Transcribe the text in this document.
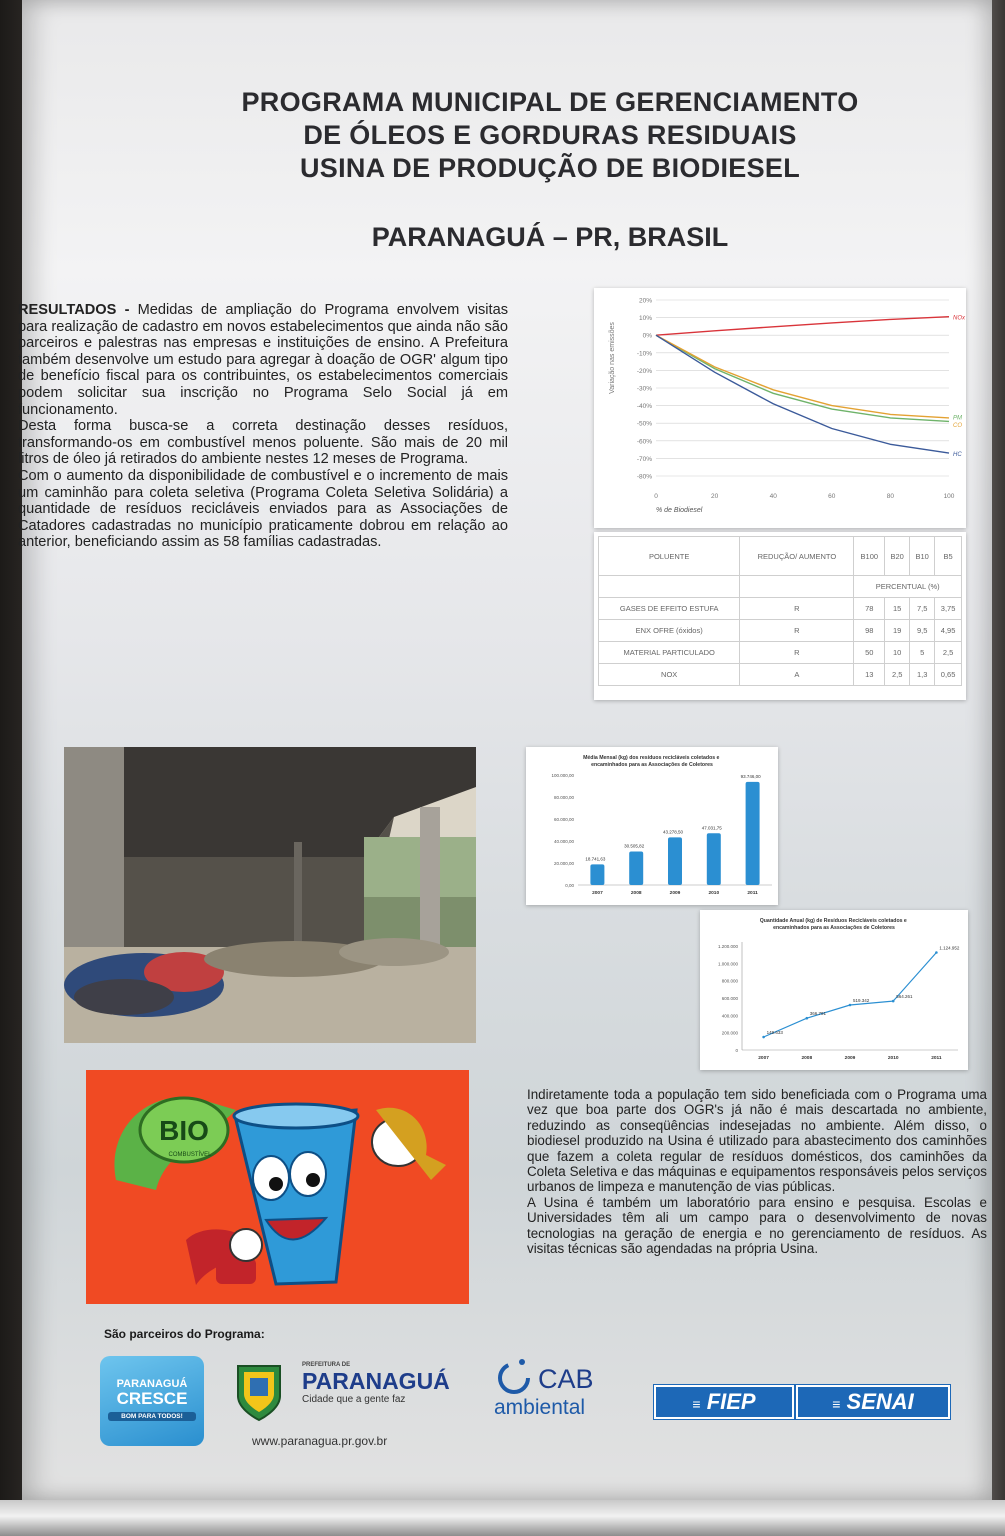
PROGRAMA MUNICIPAL DE GERENCIAMENTO
DE ÓLEOS E GORDURAS RESIDUAIS
USINA DE PRODUÇÃO DE BIODIESEL
PARANAGUÁ – PR, BRASIL

RESULTADOS - Medidas de ampliação do Programa envolvem visitas para realização de cadastro em novos estabelecimentos que ainda não são parceiros e palestras nas empresas e instituições de ensino. A Prefeitura também desenvolve um estudo para agregar à doação de OGR' algum tipo de benefício fiscal para os contribuintes, os estabelecimentos comerciais podem solicitar sua inscrição no Programa Selo Social já em funcionamento.

Desta forma busca-se a correta destinação desses resíduos, transformando-os em combustível menos poluente. São mais de 20 mil litros de óleo já retirados do ambiente nestes 12 meses de Programa.

Com o aumento da disponibilidade de combustível e o incremento de mais um caminhão para coleta seletiva (Programa Coleta Seletiva Solidária) a quantidade de resíduos recicláveis enviados para as Associações de Catadores cadastradas no município praticamente dobrou em relação ao anterior, beneficiando assim as 58 famílias cadastradas.

20%
10%
0%
-10%
-20%
-30%
-40%
-50%
-60%
-70%
-80%
0	20	40	60	80	100
NOx
PM
CO
HC
Variação nas emissões
% de Biodiesel
POLUENTE	REDUÇÃO/ AUMENTO	B100	B20	B10	B5
		PERCENTUAL (%)			
GASES DE EFEITO ESTUFA	R	78	15	7,5	3,75
ENX OFRE (óxidos)	R	98	19	9,5	4,95
MATERIAL PARTICULADO	R	50	10	5	2,5
NOX	A	13	2,5	1,3	0,65
Média Mensal (kg) dos resíduos recicláveis coletados e encaminhados para as Associações de Coletores
100.000,00
80.000,00
60.000,00
40.000,00
20.000,00
0,00
18.741,63
2007
30.505,82
2008
43.278,50
2009
47.031,75
2010
93.746,00
2011
Quantidade Anual (kg) de Resíduos Recicláveis coletados e encaminhados para as Associações de Coletores
1.200.000
1.000.000
800.000
600.000
400.000
200.000
0
149.633
2007
366.791
2008
519.342
2009
564.261
2010
1.124.952
2011
BIO
COMBUSTÍVEL

Indiretamente toda a população tem sido beneficiada com o Programa uma vez que boa parte dos OGR's já não é mais descartada no ambiente, reduzindo as conseqüências indesejadas no ambiente. Além disso, o biodiesel produzido na Usina é utilizado para abastecimento dos caminhões que fazem a coleta regular de resíduos domésticos, dos caminhões da Coleta Seletiva e das máquinas e equipamentos responsáveis pelos serviços urbanos de limpeza e manutenção de vias públicas.

A Usina é também um laboratório para ensino e pesquisa. Escolas e Universidades têm ali um campo para o desenvolvimento de novas tecnologias na geração de energia e no gerenciamento de resíduos. As visitas técnicas são agendadas na própria Usina.

São parceiros do Programa:
PARANAGUÁ
CRESCE
BOM PARA TODOS!
PREFEITURA DE
PARANAGUÁ
Cidade que a gente faz
www.paranagua.pr.gov.br
CAB
ambiental	≡ FIEP	≡ SENAI
